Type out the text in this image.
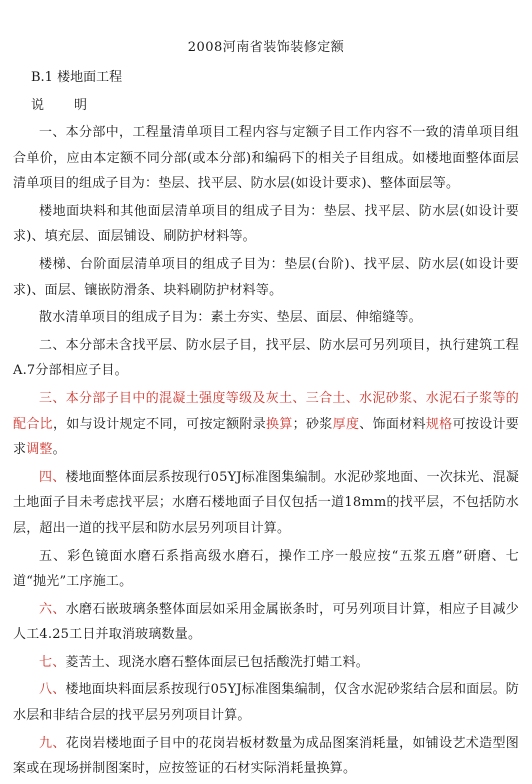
2008河南省装饰装修定额
B.1 楼地面工程
说 明

一、本分部中，工程量清单项目工程内容与定额子目工作内容不一致的清单项目组合单价，应由本定额不同分部(或本分部)和编码下的相关子目组成。如楼地面整体面层清单项目的组成子目为：垫层、找平层、防水层(如设计要求)、整体面层等。

楼地面块料和其他面层清单项目的组成子目为：垫层、找平层、防水层(如设计要求)、填充层、面层铺设、刷防护材料等。

楼梯、台阶面层清单项目的组成子目为：垫层(台阶)、找平层、防水层(如设计要求)、面层、镶嵌防滑条、块料刷防护材料等。

散水清单项目的组成子目为：素土夯实、垫层、面层、伸缩缝等。

二、本分部未含找平层、防水层子目，找平层、防水层可另列项目，执行建筑工程A.7分部相应子目。

三、本分部子目中的混凝土强度等级及灰土、三合土、水泥砂浆、水泥石子浆等的配合比，如与设计规定不同，可按定额附录换算；砂浆厚度、饰面材料规格可按设计要求调整。

四、楼地面整体面层系按现行05YJ标准图集编制。水泥砂浆地面、一次抹光、混凝土地面子目未考虑找平层；水磨石楼地面子目仅包括一道18mm的找平层，不包括防水层，超出一道的找平层和防水层另列项目计算。

五、彩色镜面水磨石系指高级水磨石，操作工序一般应按“五浆五磨”研磨、七道“抛光”工序施工。

六、水磨石嵌玻璃条整体面层如采用金属嵌条时，可另列项目计算，相应子目减少人工4.25工日并取消玻璃数量。

七、菱苦土、现浇水磨石整体面层已包括酸洗打蜡工料。

八、楼地面块料面层系按现行05YJ标准图集编制，仅含水泥砂浆结合层和面层。防水层和非结合层的找平层另列项目计算。

九、花岗岩楼地面子目中的花岗岩板材数量为成品图案消耗量，如铺设艺术造型图案或在现场拼制图案时，应按签证的石材实际消耗量换算。
